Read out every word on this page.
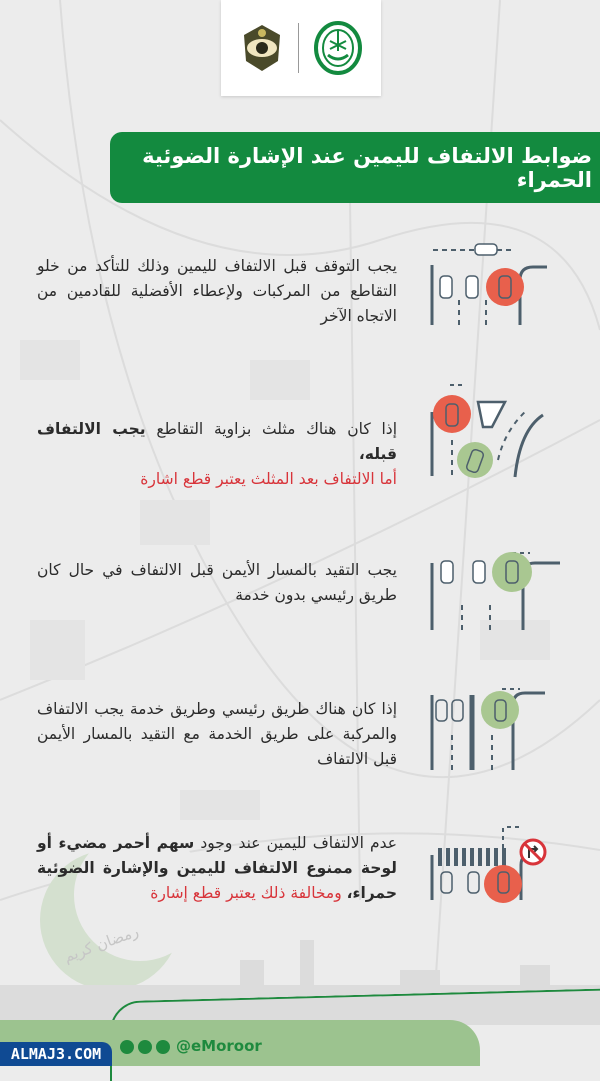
رمضان كريم
ضوابط الالتفاف لليمين عند الإشارة الضوئية الحمراء
يجب التوقف قبل الالتفاف لليمين وذلك للتأكد من خلو التقاطع من المركبات ولإعطاء الأفضلية للقادمين من الاتجاه الآخر
إذا كان هناك مثلث بزاوية التقاطع يجب الالتفاف قبله،
أما الالتفاف بعد المثلث يعتبر قطع اشارة
يجب التقيد بالمسار الأيمن قبل الالتفاف في حال كان طريق رئيسي بدون خدمة
إذا كان هناك طريق رئيسي وطريق خدمة يجب الالتفاف والمركبة على طريق الخدمة مع التقيد بالمسار الأيمن قبل الالتفاف
عدم الالتفاف لليمين عند وجود سهم أحمر مضيء أو لوحة ممنوع الالتفاف لليمين والإشارة الضوئية حمراء، ومخالفة ذلك يعتبر قطع إشارة
@eMoroor
ALMAJ3.COM
